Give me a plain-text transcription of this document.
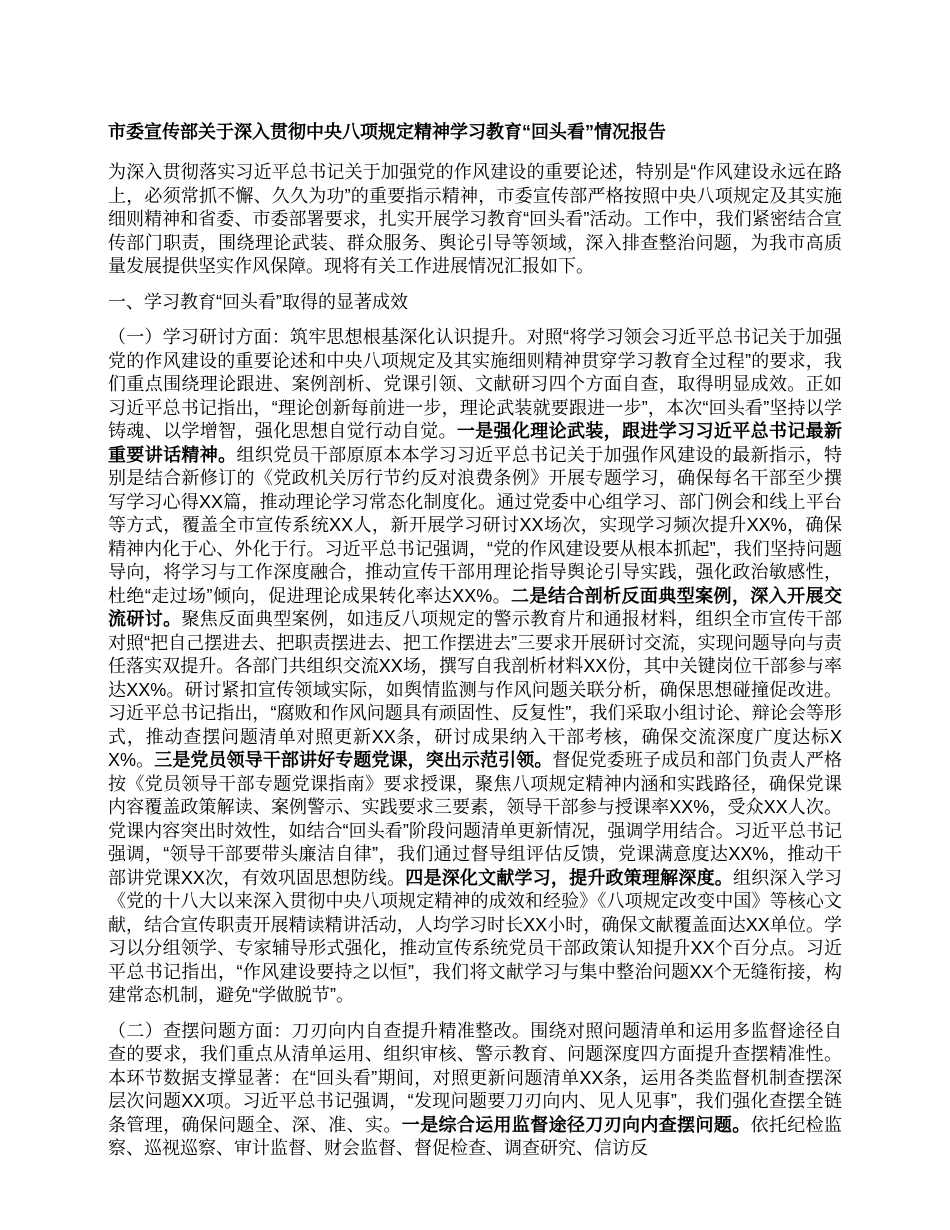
市委宣传部关于深入贯彻中央八项规定精神学习教育“回头看”情况报告

为深入贯彻落实习近平总书记关于加强党的作风建设的重要论述，特别是“作风建设永远在路上，必须常抓不懈、久久为功”的重要指示精神，市委宣传部严格按照中央八项规定及其实施细则精神和省委、市委部署要求，扎实开展学习教育“回头看”活动。工作中，我们紧密结合宣传部门职责，围绕理论武装、群众服务、舆论引导等领域，深入排查整治问题，为我市高质量发展提供坚实作风保障。现将有关工作进展情况汇报如下。

一、学习教育“回头看”取得的显著成效

（一）学习研讨方面：筑牢思想根基深化认识提升。对照“将学习领会习近平总书记关于加强党的作风建设的重要论述和中央八项规定及其实施细则精神贯穿学习教育全过程”的要求，我们重点围绕理论跟进、案例剖析、党课引领、文献研习四个方面自查，取得明显成效。正如习近平总书记指出，“理论创新每前进一步，理论武装就要跟进一步”，本次“回头看”坚持以学铸魂、以学增智，强化思想自觉行动自觉。一是强化理论武装，跟进学习习近平总书记最新重要讲话精神。组织党员干部原原本本学习习近平总书记关于加强作风建设的最新指示，特别是结合新修订的《党政机关厉行节约反对浪费条例》开展专题学习，确保每名干部至少撰写学习心得XX篇，推动理论学习常态化制度化。通过党委中心组学习、部门例会和线上平台等方式，覆盖全市宣传系统XX人，新开展学习研讨XX场次，实现学习频次提升XX%，确保精神内化于心、外化于行。习近平总书记强调，“党的作风建设要从根本抓起”，我们坚持问题导向，将学习与工作深度融合，推动宣传干部用理论指导舆论引导实践，强化政治敏感性，杜绝“走过场”倾向，促进理论成果转化率达XX%。二是结合剖析反面典型案例，深入开展交流研讨。聚焦反面典型案例，如违反八项规定的警示教育片和通报材料，组织全市宣传干部对照“把自己摆进去、把职责摆进去、把工作摆进去”三要求开展研讨交流，实现问题导向与责任落实双提升。各部门共组织交流XX场，撰写自我剖析材料XX份，其中关键岗位干部参与率达XX%。研讨紧扣宣传领域实际，如舆情监测与作风问题关联分析，确保思想碰撞促改进。习近平总书记指出，“腐败和作风问题具有顽固性、反复性”，我们采取小组讨论、辩论会等形式，推动查摆问题清单对照更新XX条，研讨成果纳入干部考核，确保交流深度广度达标XX%。三是党员领导干部讲好专题党课，突出示范引领。督促党委班子成员和部门负责人严格按《党员领导干部专题党课指南》要求授课，聚焦八项规定精神内涵和实践路径，确保党课内容覆盖政策解读、案例警示、实践要求三要素，领导干部参与授课率XX%，受众XX人次。党课内容突出时效性，如结合“回头看”阶段问题清单更新情况，强调学用结合。习近平总书记强调，“领导干部要带头廉洁自律”，我们通过督导组评估反馈，党课满意度达XX%，推动干部讲党课XX次，有效巩固思想防线。四是深化文献学习，提升政策理解深度。组织深入学习《党的十八大以来深入贯彻中央八项规定精神的成效和经验》《八项规定改变中国》等核心文献，结合宣传职责开展精读精讲活动，人均学习时长XX小时，确保文献覆盖面达XX单位。学习以分组领学、专家辅导形式强化，推动宣传系统党员干部政策认知提升XX个百分点。习近平总书记指出，“作风建设要持之以恒”，我们将文献学习与集中整治问题XX个无缝衔接，构建常态机制，避免“学做脱节”。

（二）查摆问题方面：刀刃向内自查提升精准整改。围绕对照问题清单和运用多监督途径自查的要求，我们重点从清单运用、组织审核、警示教育、问题深度四方面提升查摆精准性。本环节数据支撑显著：在“回头看”期间，对照更新问题清单XX条，运用各类监督机制查摆深层次问题XX项。习近平总书记强调，“发现问题要刀刃向内、见人见事”，我们强化查摆全链条管理，确保问题全、深、准、实。一是综合运用监督途径刀刃向内查摆问题。依托纪检监察、巡视巡察、审计监督、财会监督、督促检查、调查研究、信访反
